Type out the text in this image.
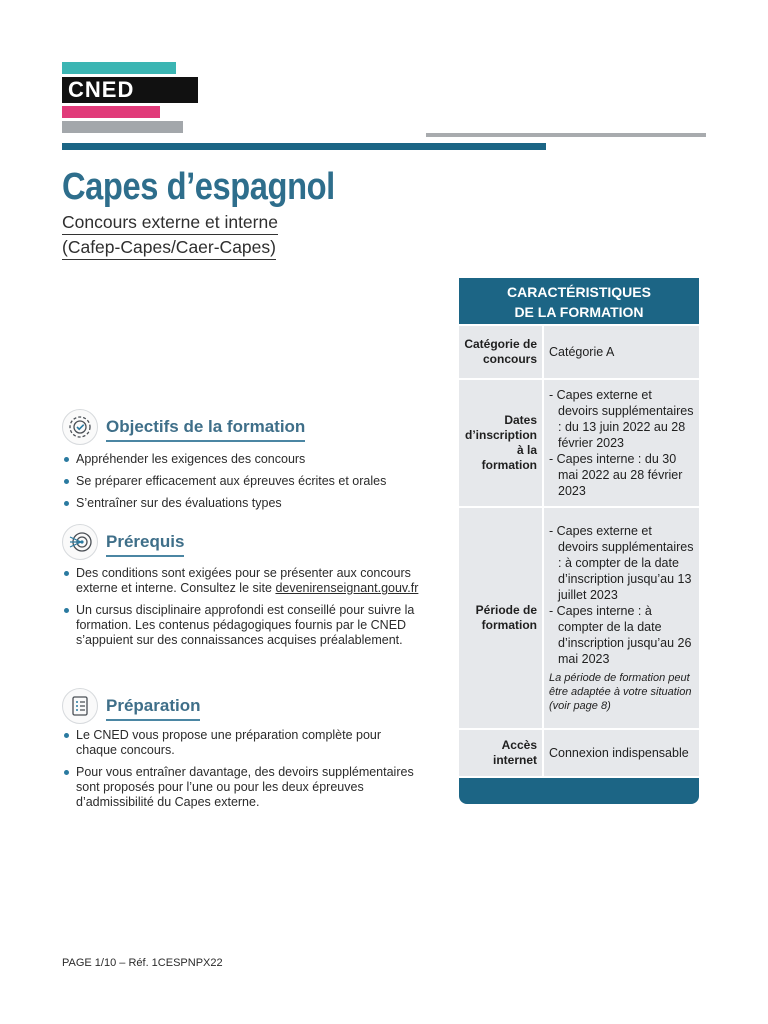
CNED
Capes d’espagnol
Concours externe et interne
(Cafep-Capes/Caer-Capes)
Objectifs de la formation
Appréhender les exigences des concours
Se préparer efficacement aux épreuves écrites et orales
S’entraîner sur des évaluations types
Prérequis
Des conditions sont exigées pour se présenter aux concours externe et interne. Consultez le site devenirenseignant.gouv.fr
Un cursus disciplinaire approfondi est conseillé pour suivre la formation. Les contenus pédagogiques fournis par le CNED s’appuient sur des connaissances acquises préalablement.
Préparation
Le CNED vous propose une préparation complète pour chaque concours.
Pour vous entraîner davantage, des devoirs supplémentaires sont proposés pour l’une ou pour les deux épreuves d’admissibilité du Capes externe.
CARACTÉRISTIQUES
DE LA FORMATION
Catégorie de concours Catégorie A
Dates d’inscription à la formation
- Capes externe et devoirs supplémentaires : du 13 juin 2022 au 28 février 2023
- Capes interne : du 30 mai 2022 au 28 février 2023
Période de formation
- Capes externe et devoirs supplémentaires : à compter de la date d’inscription jusqu’au 13 juillet 2023
- Capes interne : à compter de la date d’inscription jusqu’au 26 mai 2023
La période de formation peut être adaptée à votre situation (voir page 8)
Accès internet Connexion indispensable
PAGE 1/10 – Réf. 1CESPNPX22
